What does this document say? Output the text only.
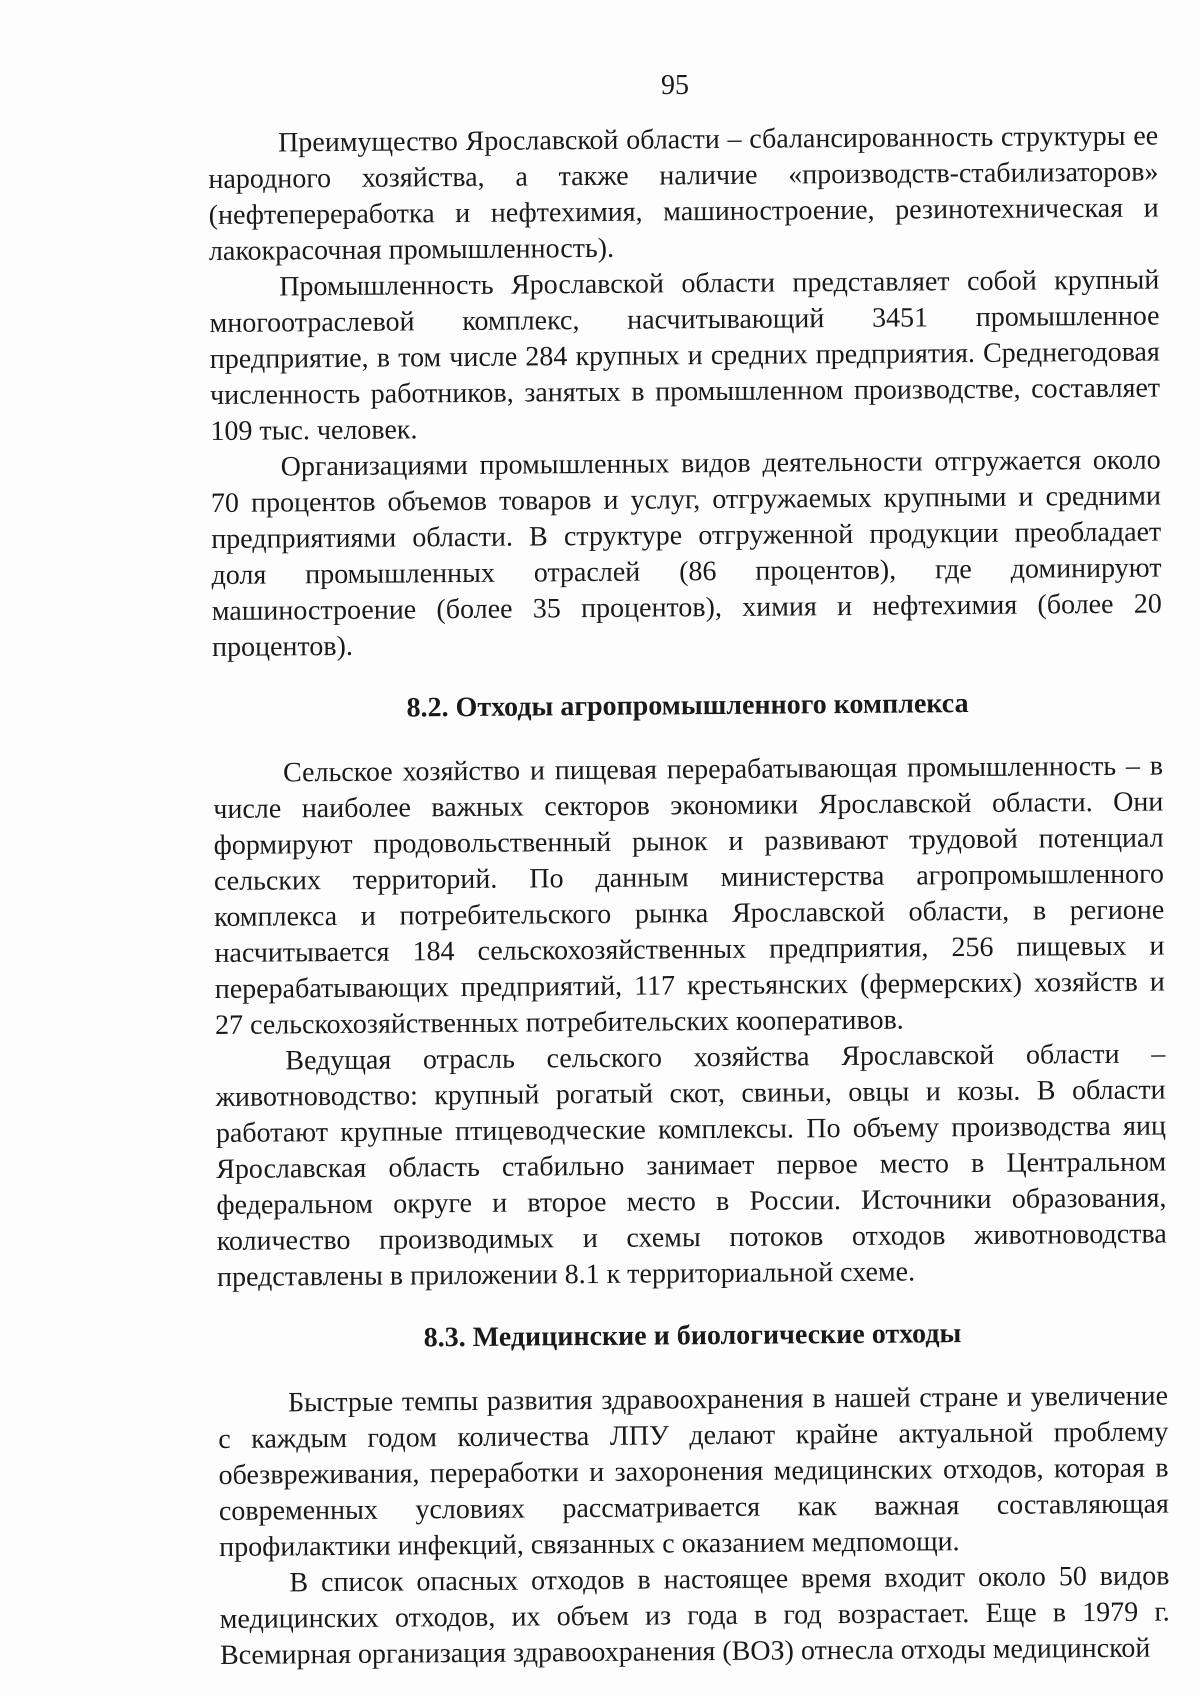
95

Преимущество Ярославской области – сбалансированность структуры ее народного хозяйства, а также наличие «производств-стабилизаторов» (нефтепереработка и нефтехимия, машиностроение, резинотехническая и лакокрасочная промышленность).

Промышленность Ярославской области представляет собой крупный многоотраслевой комплекс, насчитывающий 3451 промышленное предприятие, в том числе 284 крупных и средних предприятия. Среднегодовая численность работников, занятых в промышленном производстве, составляет 109 тыс. человек.

Организациями промышленных видов деятельности отгружается около 70 процентов объемов товаров и услуг, отгружаемых крупными и средними предприятиями области. В структуре отгруженной продукции преобладает доля промышленных отраслей (86 процентов), где доминируют машиностроение (более 35 процентов), химия и нефтехимия (более 20 процентов).

8.2. Отходы агропромышленного комплекса

Сельское хозяйство и пищевая перерабатывающая промышленность – в числе наиболее важных секторов экономики Ярославской области. Они формируют продовольственный рынок и развивают трудовой потенциал сельских территорий. По данным министерства агропромышленного комплекса и потребительского рынка Ярославской области, в регионе насчитывается 184 сельскохозяйственных предприятия, 256 пищевых и перерабатывающих предприятий, 117 крестьянских (фермерских) хозяйств и 27 сельскохозяйственных потребительских кооперативов.

Ведущая отрасль сельского хозяйства Ярославской области – животноводство: крупный рогатый скот, свиньи, овцы и козы. В области работают крупные птицеводческие комплексы. По объему производства яиц Ярославская область стабильно занимает первое место в Центральном федеральном округе и второе место в России. Источники образования, количество производимых и схемы потоков отходов животноводства представлены в приложении 8.1 к территориальной схеме.

8.3. Медицинские и биологические отходы

Быстрые темпы развития здравоохранения в нашей стране и увеличение с каждым годом количества ЛПУ делают крайне актуальной проблему обезвреживания, переработки и захоронения медицинских отходов, которая в современных условиях рассматривается как важная составляющая профилактики инфекций, связанных с оказанием медпомощи.

В список опасных отходов в настоящее время входит около 50 видов медицинских отходов, их объем из года в год возрастает. Еще в 1979 г. Всемирная организация здравоохранения (ВОЗ) отнесла отходы медицинской
